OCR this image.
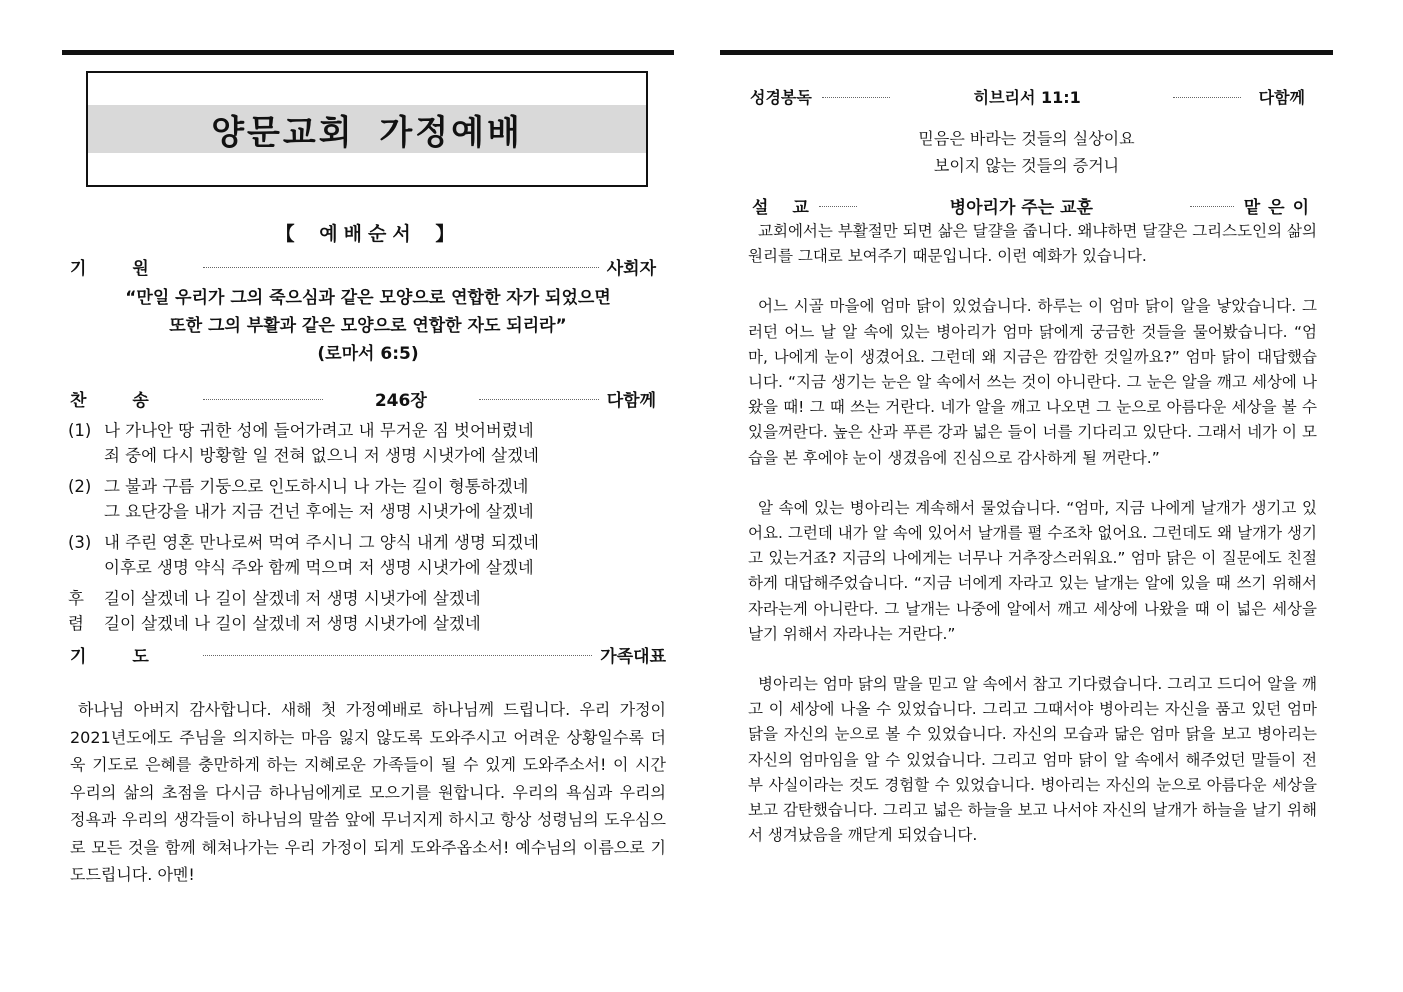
양문교회 가정예배
【 예배순서 】
기원	사회자
“만일 우리가 그의 죽으심과 같은 모양으로 연합한 자가 되었으면
또한 그의 부활과 같은 모양으로 연합한 자도 되리라”
(로마서 6:5)
찬송	246장	다함께
(1) 나 가나안 땅 귀한 성에 들어가려고 내 무거운 짐 벗어버렸네
죄 중에 다시 방황할 일 전혀 없으니 저 생명 시냇가에 살겠네
(2) 그 불과 구름 기둥으로 인도하시니 나 가는 길이 형통하겠네
그 요단강을 내가 지금 건넌 후에는 저 생명 시냇가에 살겠네
(3) 내 주린 영혼 만나로써 먹여 주시니 그 양식 내게 생명 되겠네
이후로 생명 약식 주와 함께 먹으며 저 생명 시냇가에 살겠네
후	길이 살겠네 나 길이 살겠네 저 생명 시냇가에 살겠네
렴	길이 살겠네 나 길이 살겠네 저 생명 시냇가에 살겠네
기도	가족대표
하나님 아버지 감사합니다. 새해 첫 가정예배로 하나님께 드립니다. 우리 가정이 2021년도에도 주님을 의지하는 마음 잃지 않도록 도와주시고 어려운 상황일수록 더욱 기도로 은혜를 충만하게 하는 지혜로운 가족들이 될 수 있게 도와주소서! 이 시간 우리의 삶의 초점을 다시금 하나님에게로 모으기를 원합니다. 우리의 욕심과 우리의 정욕과 우리의 생각들이 하나님의 말씀 앞에 무너지게 하시고 항상 성령님의 도우심으로 모든 것을 함께 헤쳐나가는 우리 가정이 되게 도와주옵소서! 예수님의 이름으로 기도드립니다. 아멘!
성경봉독	히브리서 11:1	다함께
믿음은 바라는 것들의 실상이요
보이지 않는 것들의 증거니
설교	병아리가 주는 교훈	맡은이

교회에서는 부활절만 되면 삶은 달걀을 줍니다. 왜냐하면 달걀은 그리스도인의 삶의 원리를 그대로 보여주기 때문입니다. 이런 예화가 있습니다.

어느 시골 마을에 엄마 닭이 있었습니다. 하루는 이 엄마 닭이 알을 낳았습니다. 그러던 어느 날 알 속에 있는 병아리가 엄마 닭에게 궁금한 것들을 물어봤습니다. “엄마, 나에게 눈이 생겼어요. 그런데 왜 지금은 깜깜한 것일까요?” 엄마 닭이 대답했습니다. “지금 생기는 눈은 알 속에서 쓰는 것이 아니란다. 그 눈은 알을 깨고 세상에 나왔을 때! 그 때 쓰는 거란다. 네가 알을 깨고 나오면 그 눈으로 아름다운 세상을 볼 수 있을꺼란다. 높은 산과 푸른 강과 넓은 들이 너를 기다리고 있단다. 그래서 네가 이 모습을 본 후에야 눈이 생겼음에 진심으로 감사하게 될 꺼란다.”

알 속에 있는 병아리는 계속해서 물었습니다. “엄마, 지금 나에게 날개가 생기고 있어요. 그런데 내가 알 속에 있어서 날개를 펼 수조차 없어요. 그런데도 왜 날개가 생기고 있는거죠? 지금의 나에게는 너무나 거추장스러워요.” 엄마 닭은 이 질문에도 친절하게 대답해주었습니다. “지금 너에게 자라고 있는 날개는 알에 있을 때 쓰기 위해서 자라는게 아니란다. 그 날개는 나중에 알에서 깨고 세상에 나왔을 때 이 넓은 세상을 날기 위해서 자라나는 거란다.”

병아리는 엄마 닭의 말을 믿고 알 속에서 참고 기다렸습니다. 그리고 드디어 알을 깨고 이 세상에 나올 수 있었습니다. 그리고 그때서야 병아리는 자신을 품고 있던 엄마 닭을 자신의 눈으로 볼 수 있었습니다. 자신의 모습과 닮은 엄마 닭을 보고 병아리는 자신의 엄마임을 알 수 있었습니다. 그리고 엄마 닭이 알 속에서 해주었던 말들이 전부 사실이라는 것도 경험할 수 있었습니다. 병아리는 자신의 눈으로 아름다운 세상을 보고 감탄했습니다. 그리고 넓은 하늘을 보고 나서야 자신의 날개가 하늘을 날기 위해서 생겨났음을 깨닫게 되었습니다.
